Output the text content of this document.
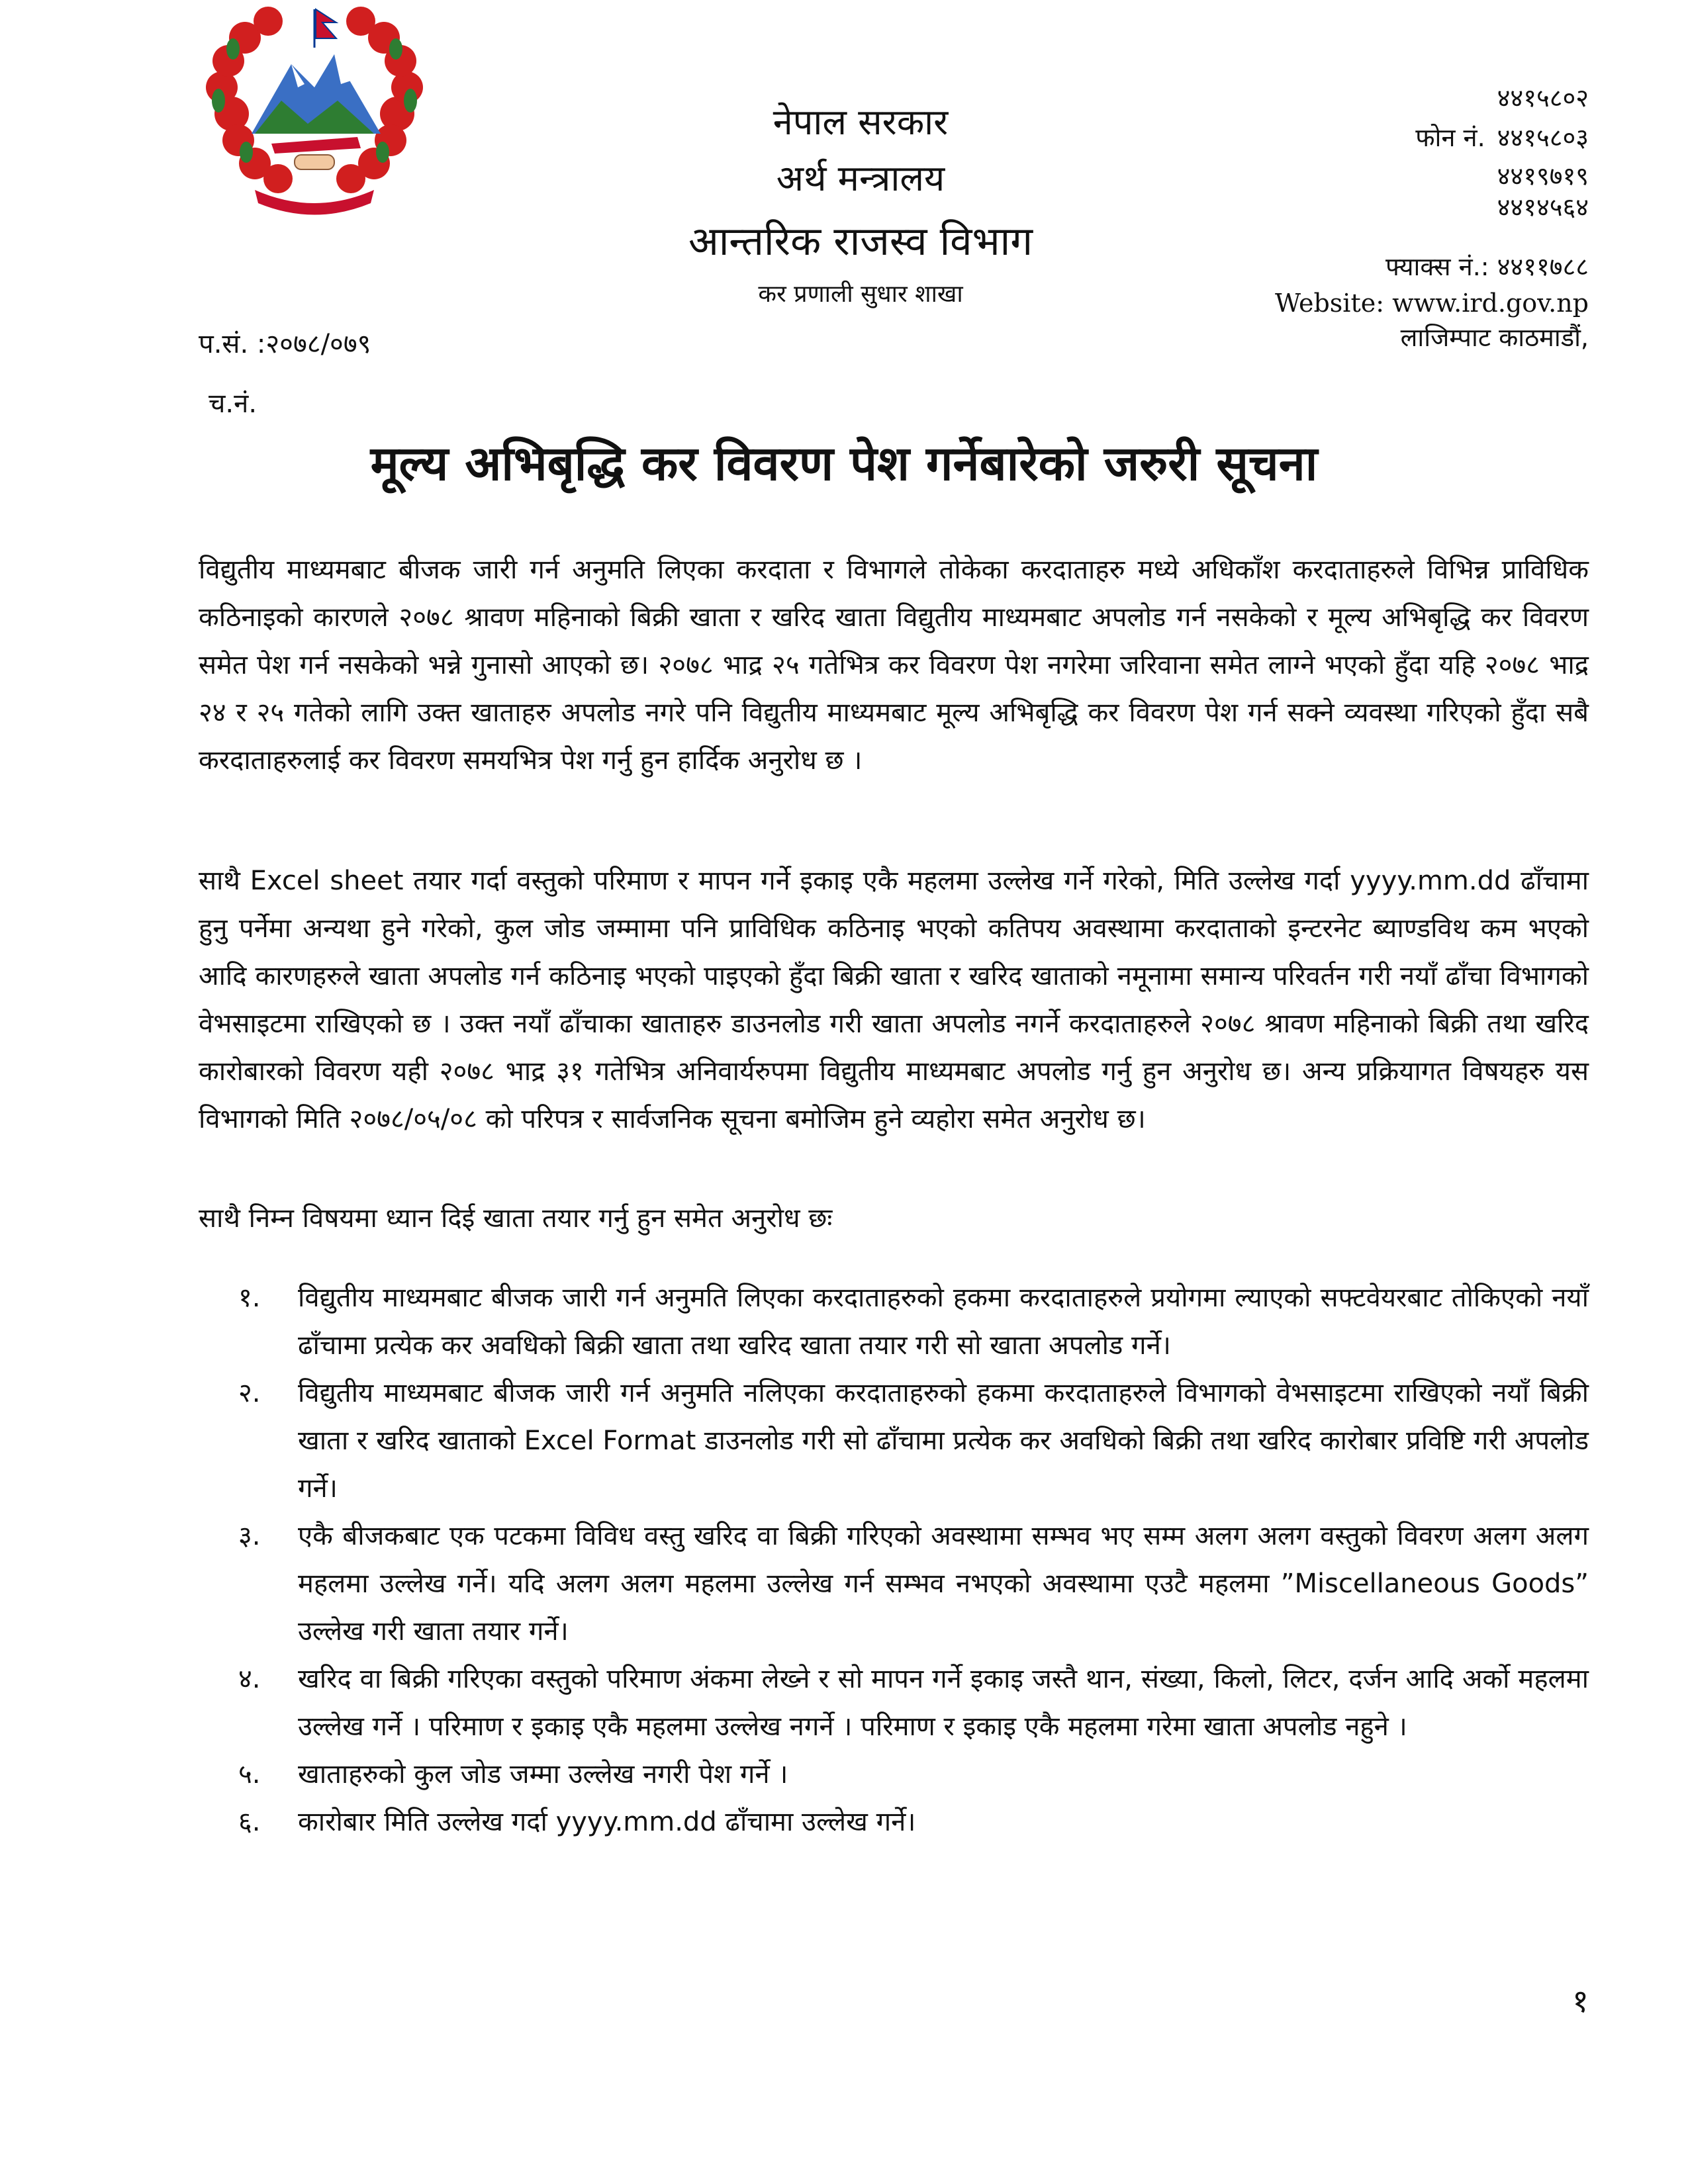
नेपाल सरकार
अर्थ मन्त्रालय
आन्तरिक राजस्व विभाग
कर प्रणाली सुधार शाखा
४४१५८०२
फोन नं. ४४१५८०३
४४१९७१९
४४१४५६४
फ्याक्स नं.: ४४११७८८
Website: www.ird.gov.np
लाजिम्पाट काठमाडौं,
प.सं. :२०७८/०७९
च.नं.
मूल्य अभिबृद्धि कर विवरण पेश गर्नेबारेको जरुरी सूचना

विद्युतीय माध्यमबाट बीजक जारी गर्न अनुमति लिएका करदाता र विभागले तोकेका करदाताहरु मध्ये अधिकाँश करदाताहरुले विभिन्न प्राविधिक कठिनाइको कारणले २०७८ श्रावण महिनाको बिक्री खाता र खरिद खाता विद्युतीय माध्यमबाट अपलोड गर्न नसकेको र मूल्य अभिबृद्धि कर विवरण समेत पेश गर्न नसकेको भन्ने गुनासो आएको छ। २०७८ भाद्र २५ गतेभित्र कर विवरण पेश नगरेमा जरिवाना समेत लाग्ने भएको हुँदा यहि २०७८ भाद्र २४ र २५ गतेको लागि उक्त खाताहरु अपलोड नगरे पनि विद्युतीय माध्यमबाट मूल्य अभिबृद्धि कर विवरण पेश गर्न सक्ने व्यवस्था गरिएको हुँदा सबै करदाताहरुलाई कर विवरण समयभित्र पेश गर्नु हुन हार्दिक अनुरोध छ ।

साथै Excel sheet तयार गर्दा वस्तुको परिमाण र मापन गर्ने इकाइ एकै महलमा उल्लेख गर्ने गरेको, मिति उल्लेख गर्दा yyyy.mm.dd ढाँचामा हुनु पर्नेमा अन्यथा हुने गरेको, कुल जोड जम्मामा पनि प्राविधिक कठिनाइ भएको कतिपय अवस्थामा करदाताको इन्टरनेट ब्याण्डविथ कम भएको आदि कारणहरुले खाता अपलोड गर्न कठिनाइ भएको पाइएको हुँदा बिक्री खाता र खरिद खाताको नमूनामा समान्य परिवर्तन गरी नयाँ ढाँचा विभागको वेभसाइटमा राखिएको छ । उक्त नयाँ ढाँचाका खाताहरु डाउनलोड गरी खाता अपलोड नगर्ने करदाताहरुले २०७८ श्रावण महिनाको बिक्री तथा खरिद कारोबारको विवरण यही २०७८ भाद्र ३१ गतेभित्र अनिवार्यरुपमा विद्युतीय माध्यमबाट अपलोड गर्नु हुन अनुरोध छ। अन्य प्रक्रियागत विषयहरु यस विभागको मिति २०७८/०५/०८ को परिपत्र र सार्वजनिक सूचना बमोजिम हुने व्यहोरा समेत अनुरोध छ।

साथै निम्न विषयमा ध्यान दिई खाता तयार गर्नु हुन समेत अनुरोध छः

१. विद्युतीय माध्यमबाट बीजक जारी गर्न अनुमति लिएका करदाताहरुको हकमा करदाताहरुले प्रयोगमा ल्याएको सफ्टवेयरबाट तोकिएको नयाँ ढाँचामा प्रत्येक कर अवधिको बिक्री खाता तथा खरिद खाता तयार गरी सो खाता अपलोड गर्ने।
२. विद्युतीय माध्यमबाट बीजक जारी गर्न अनुमति नलिएका करदाताहरुको हकमा करदाताहरुले विभागको वेभसाइटमा राखिएको नयाँ बिक्री खाता र खरिद खाताको Excel Format डाउनलोड गरी सो ढाँचामा प्रत्येक कर अवधिको बिक्री तथा खरिद कारोबार प्रविष्टि गरी अपलोड गर्ने।
३. एकै बीजकबाट एक पटकमा विविध वस्तु खरिद वा बिक्री गरिएको अवस्थामा सम्भव भए सम्म अलग अलग वस्तुको विवरण अलग अलग महलमा उल्लेख गर्ने। यदि अलग अलग महलमा उल्लेख गर्न सम्भव नभएको अवस्थामा एउटै महलमा ”Miscellaneous Goods” उल्लेख गरी खाता तयार गर्ने।
४. खरिद वा बिक्री गरिएका वस्तुको परिमाण अंकमा लेख्ने र सो मापन गर्ने इकाइ जस्तै थान, संख्या, किलो, लिटर, दर्जन आदि अर्को महलमा उल्लेख गर्ने । परिमाण र इकाइ एकै महलमा उल्लेख नगर्ने । परिमाण र इकाइ एकै महलमा गरेमा खाता अपलोड नहुने ।
५. खाताहरुको कुल जोड जम्मा उल्लेख नगरी पेश गर्ने ।
६. कारोबार मिति उल्लेख गर्दा yyyy.mm.dd ढाँचामा उल्लेख गर्ने।
१
